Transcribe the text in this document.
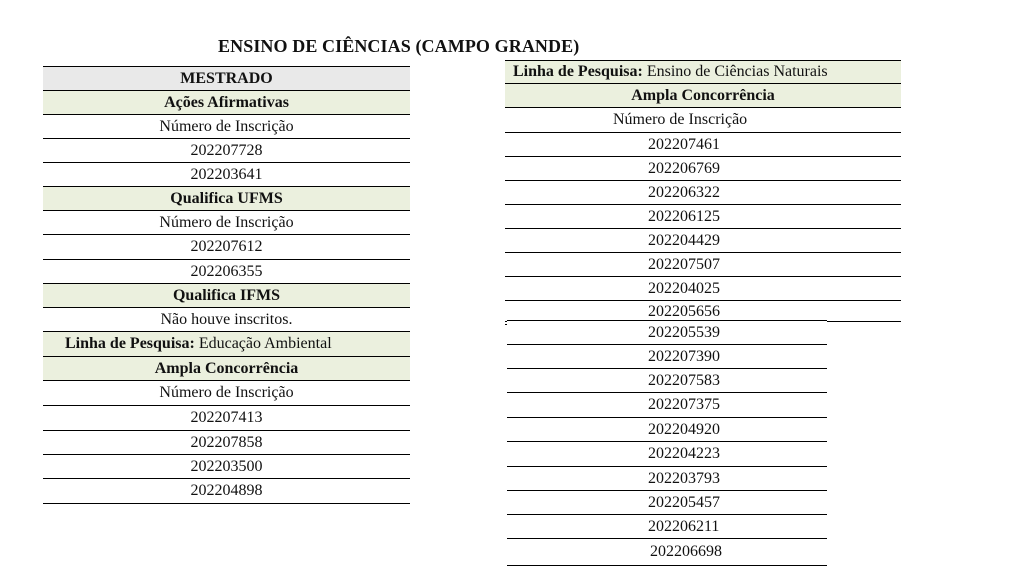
ENSINO DE CIÊNCIAS (CAMPO GRANDE)
MESTRADO
Ações Afirmativas
Número de Inscrição
202207728
202203641
Qualifica UFMS
Número de Inscrição
202207612
202206355
Qualifica IFMS
Não houve inscritos.
Linha de Pesquisa:
Educação Ambiental
Ampla Concorrência
Número de Inscrição
202207413
202207858
202203500
202204898
Linha de Pesquisa:
Ensino de Ciências Naturais
Ampla Concorrência
Número de Inscrição
202207461
202206769
202206322
202206125
202204429
202207507
202204025
202205656
202205539
202207390
202207583
202207375
202204920
202204223
202203793
202205457
202206211
202206698
